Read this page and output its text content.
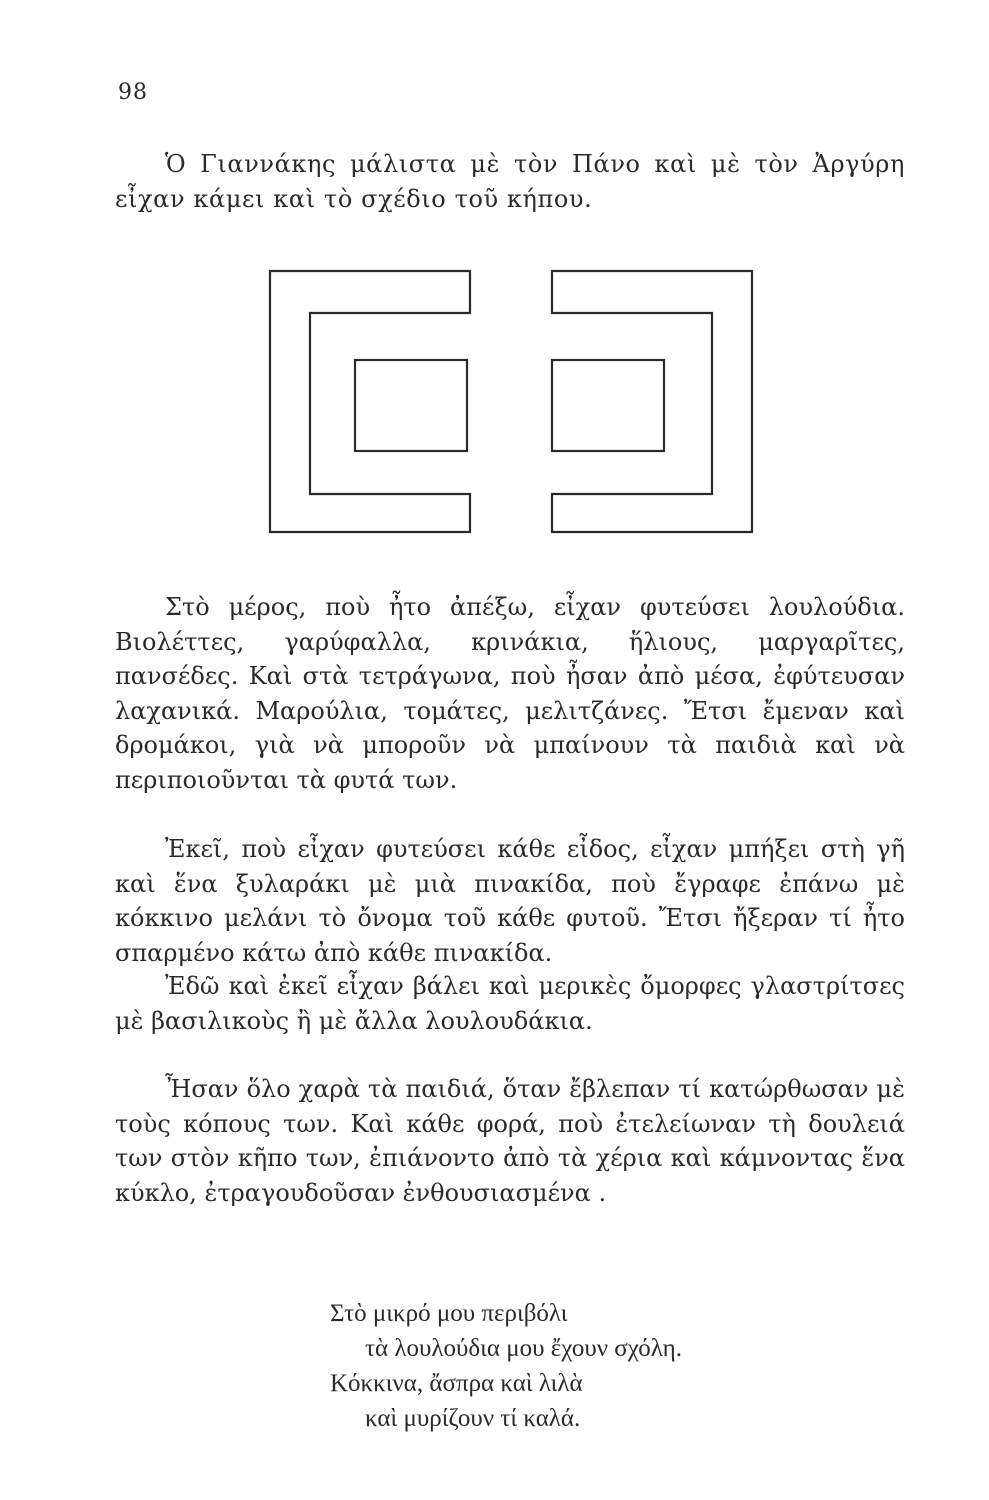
98

Ὁ Γιαννάκης μάλιστα μὲ τὸν Πάνο καὶ μὲ τὸν Ἀργύρη εἶχαν κάμει καὶ τὸ σχέδιο τοῦ κήπου.

Στὸ μέρος, ποὺ ἦτο ἀπέξω, εἶχαν φυτεύσει λουλούδια. Βιολέττες, γαρύφαλλα, κρινάκια, ἥλιους, μαργαρῖτες, πανσέδες. Καὶ στὰ τετράγωνα, ποὺ ἦσαν ἀπὸ μέσα, ἐφύτευσαν λαχανικά. Μαρούλια, τομάτες, μελιτζάνες. Ἔτσι ἔμεναν καὶ δρομάκοι, γιὰ νὰ μποροῦν νὰ μπαίνουν τὰ παιδιὰ καὶ νὰ περιποιοῦνται τὰ φυτά των.

Ἐκεῖ, ποὺ εἶχαν φυτεύσει κάθε εἶδος, εἶχαν μπήξει στὴ γῆ καὶ ἕνα ξυλαράκι μὲ μιὰ πινακίδα, ποὺ ἔγραφε ἐπάνω μὲ κόκκινο μελάνι τὸ ὄνομα τοῦ κάθε φυτοῦ. Ἔτσι ἤξεραν τί ἦτο σπαρμένο κάτω ἀπὸ κάθε πινακίδα.

Ἐδῶ καὶ ἐκεῖ εἶχαν βάλει καὶ μερικὲς ὄμορφες γλαστρίτσες μὲ βασιλικοὺς ἢ μὲ ἄλλα λουλουδάκια.

Ἦσαν ὅλο χαρὰ τὰ παιδιά, ὅταν ἔβλεπαν τί κατώρθωσαν μὲ τοὺς κόπους των. Καὶ κάθε φορά, ποὺ ἐτελείωναν τὴ δουλειά των στὸν κῆπο των, ἐπιάνοντο ἀπὸ τὰ χέρια καὶ κάμνοντας ἕνα κύκλο, ἐτραγουδοῦσαν ἐνθουσιασμένα .

Στὸ μικρό μου περιβόλι
τὰ λουλούδια μου ἔχουν σχόλη.
Κόκκινα, ἄσπρα καὶ λιλὰ
καὶ μυρίζουν τί καλά.
